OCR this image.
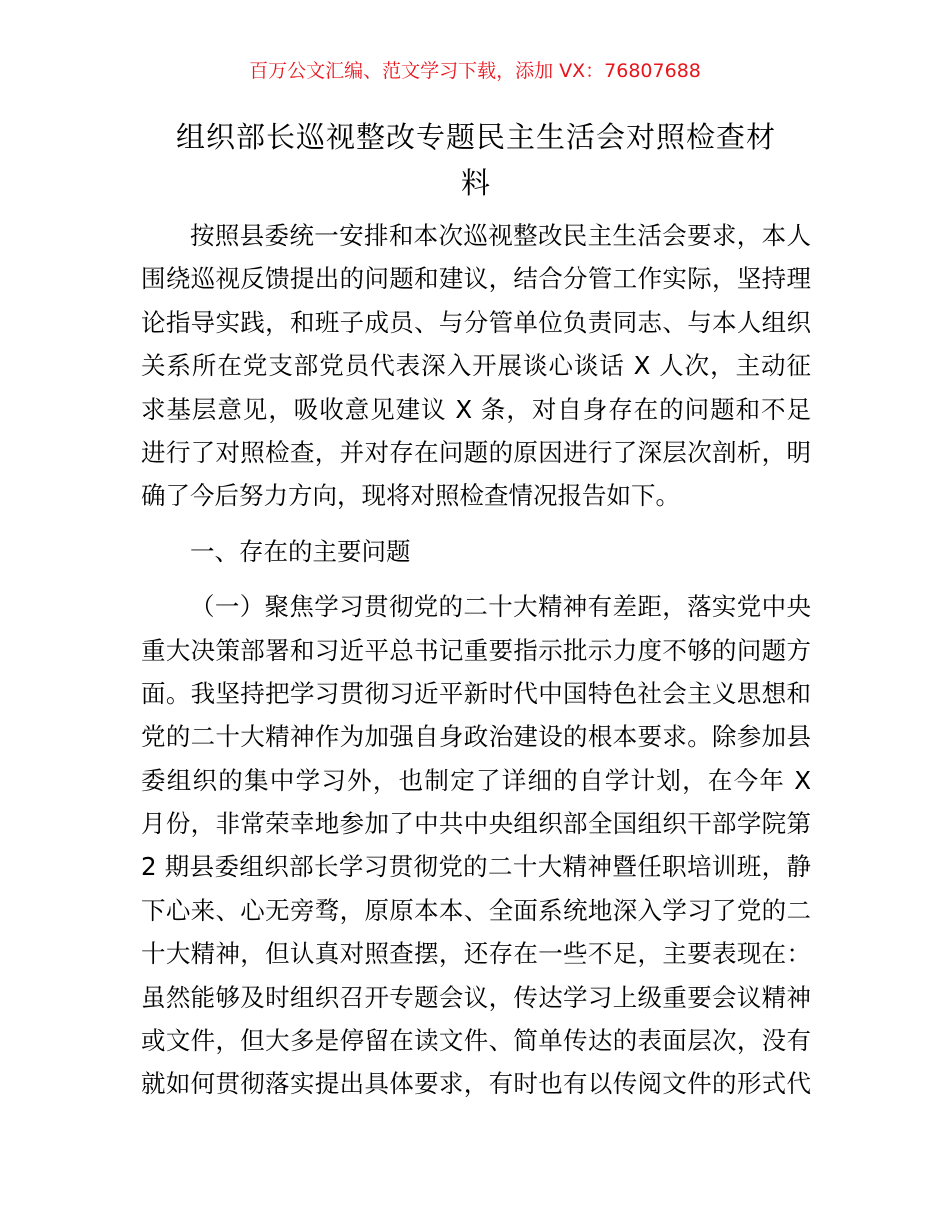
百万公文汇编、范文学习下载，添加 VX：76807688
组织部长巡视整改专题民主生活会对照检查材
料
按照县委统一安排和本次巡视整改民主生活会要求，本人
围绕巡视反馈提出的问题和建议，结合分管工作实际，坚持理
论指导实践，和班子成员、与分管单位负责同志、与本人组织
关系所在党支部党员代表深入开展谈心谈话 X 人次，主动征
求基层意见，吸收意见建议 X 条，对自身存在的问题和不足
进行了对照检查，并对存在问题的原因进行了深层次剖析，明
确了今后努力方向，现将对照检查情况报告如下。
一、存在的主要问题
（一）聚焦学习贯彻党的二十大精神有差距，落实党中央
重大决策部署和习近平总书记重要指示批示力度不够的问题方
面。我坚持把学习贯彻习近平新时代中国特色社会主义思想和
党的二十大精神作为加强自身政治建设的根本要求。除参加县
委组织的集中学习外，也制定了详细的自学计划，在今年 X
月份，非常荣幸地参加了中共中央组织部全国组织干部学院第
2 期县委组织部长学习贯彻党的二十大精神暨任职培训班，静
下心来、心无旁骛，原原本本、全面系统地深入学习了党的二
十大精神，但认真对照查摆，还存在一些不足，主要表现在：
虽然能够及时组织召开专题会议，传达学习上级重要会议精神
或文件，但大多是停留在读文件、简单传达的表面层次，没有
就如何贯彻落实提出具体要求，有时也有以传阅文件的形式代
